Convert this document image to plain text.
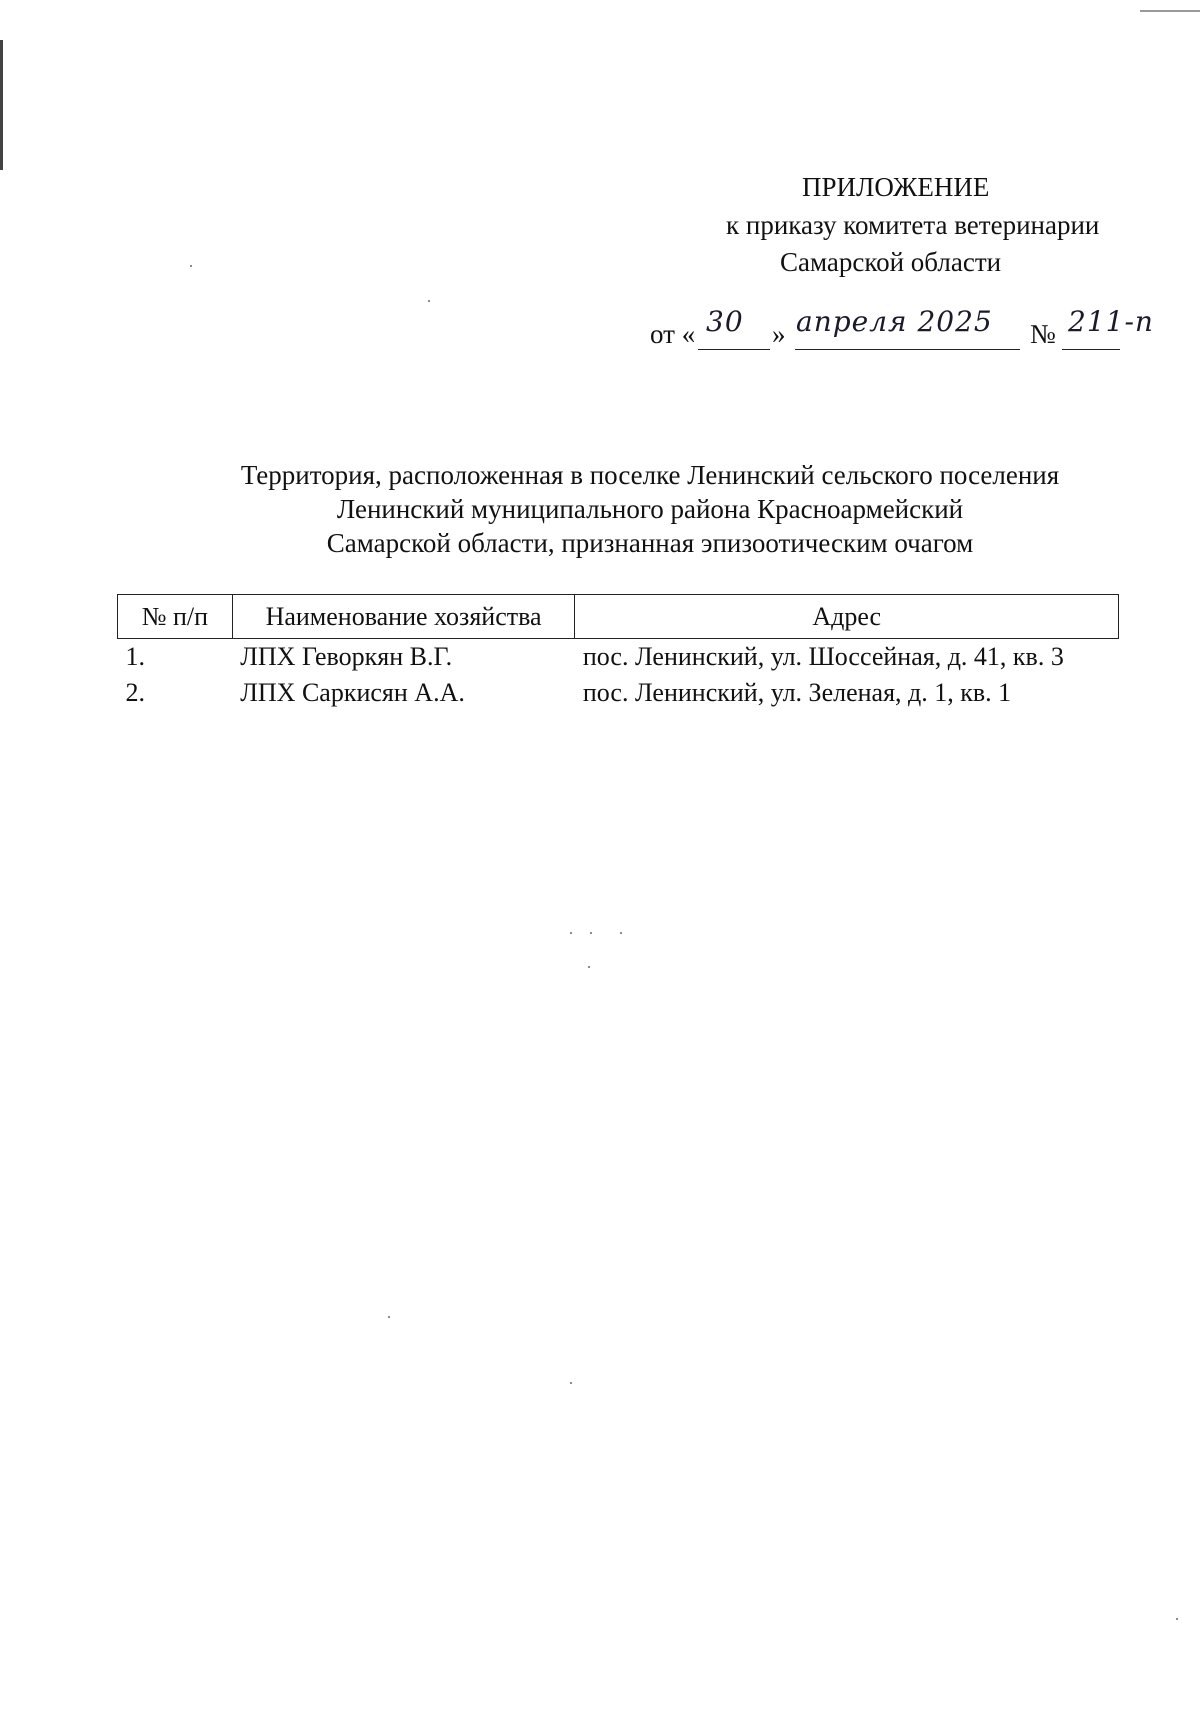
ПРИЛОЖЕНИЕ
к приказу комитета ветеринарии
Самарской области
от « 30 » апреля 2025 № 211-п
Территория, расположенная в поселке Ленинский сельского поселения
Ленинский муниципального района Красноармейский
Самарской области, признанная эпизоотическим очагом
№ п/п	Наименование хозяйства	Адрес
1.	ЛПХ Геворкян В.Г.	пос. Ленинский, ул. Шоссейная, д. 41, кв. 3
2.	ЛПХ Саркисян А.А.	пос. Ленинский, ул. Зеленая, д. 1, кв. 1
